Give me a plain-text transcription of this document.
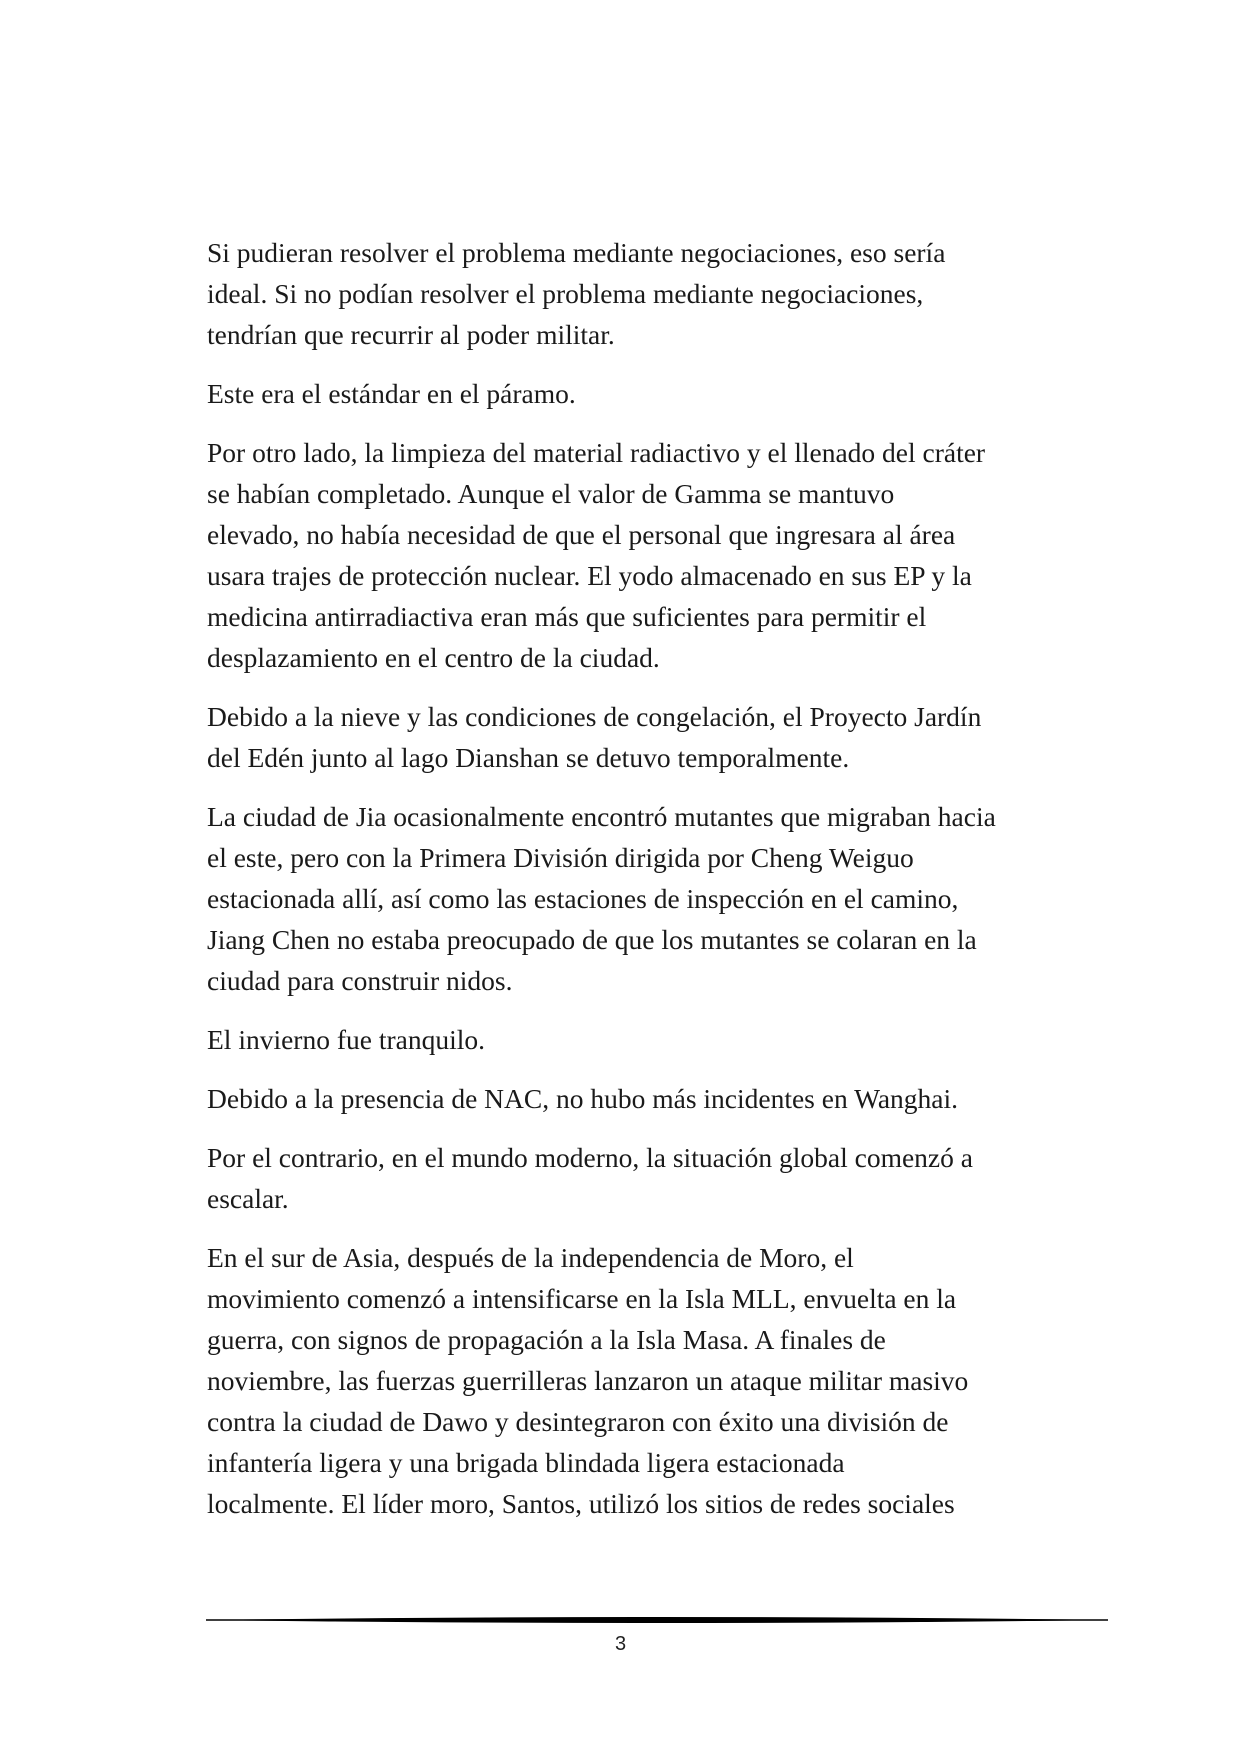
Si pudieran resolver el problema mediante negociaciones, eso sería
ideal. Si no podían resolver el problema mediante negociaciones,
tendrían que recurrir al poder militar.

Este era el estándar en el páramo.

Por otro lado, la limpieza del material radiactivo y el llenado del cráter
se habían completado. Aunque el valor de Gamma se mantuvo
elevado, no había necesidad de que el personal que ingresara al área
usara trajes de protección nuclear. El yodo almacenado en sus EP y la
medicina antirradiactiva eran más que suficientes para permitir el
desplazamiento en el centro de la ciudad.

Debido a la nieve y las condiciones de congelación, el Proyecto Jardín
del Edén junto al lago Dianshan se detuvo temporalmente.

La ciudad de Jia ocasionalmente encontró mutantes que migraban hacia
el este, pero con la Primera División dirigida por Cheng Weiguo
estacionada allí, así como las estaciones de inspección en el camino,
Jiang Chen no estaba preocupado de que los mutantes se colaran en la
ciudad para construir nidos.

El invierno fue tranquilo.

Debido a la presencia de NAC, no hubo más incidentes en Wanghai.

Por el contrario, en el mundo moderno, la situación global comenzó a
escalar.

En el sur de Asia, después de la independencia de Moro, el
movimiento comenzó a intensificarse en la Isla MLL, envuelta en la
guerra, con signos de propagación a la Isla Masa. A finales de
noviembre, las fuerzas guerrilleras lanzaron un ataque militar masivo
contra la ciudad de Dawo y desintegraron con éxito una división de
infantería ligera y una brigada blindada ligera estacionada
localmente. El líder moro, Santos, utilizó los sitios de redes sociales

3
